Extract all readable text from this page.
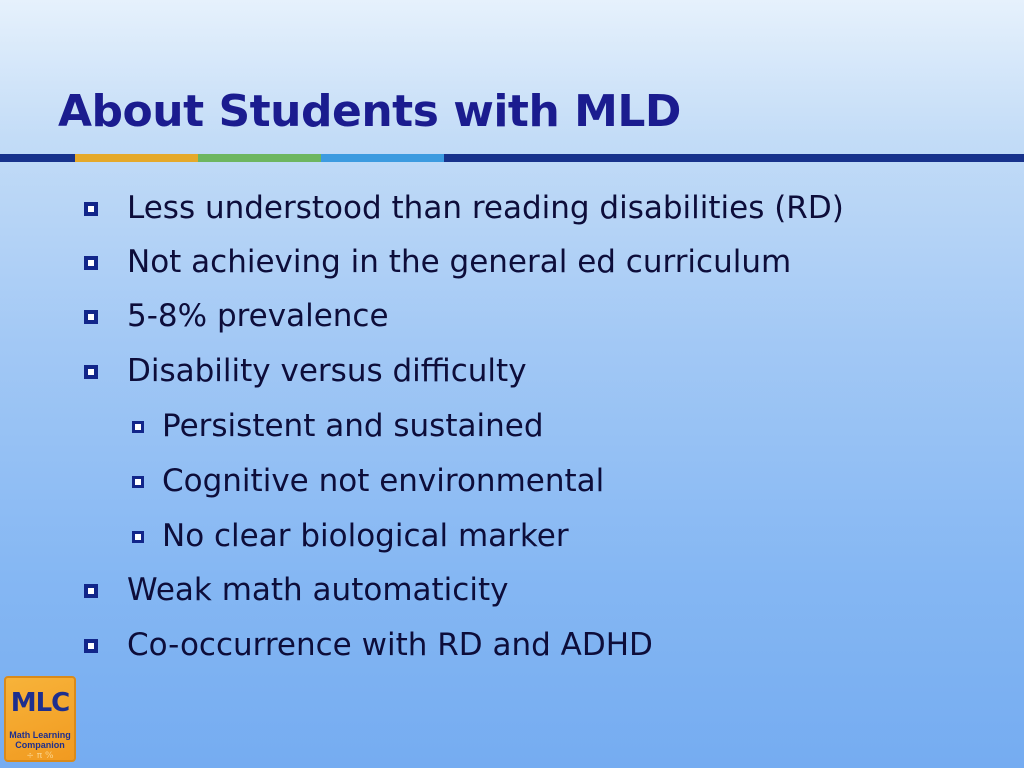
About Students with MLD
Less understood than reading disabilities (RD)
Not achieving in the general ed curriculum
5-8% prevalence
Disability versus difficulty
Persistent and sustained
Cognitive not environmental
No clear biological marker
Weak math automaticity
Co-occurrence with RD and ADHD
MLC
Math Learning
Companion
÷ π %
